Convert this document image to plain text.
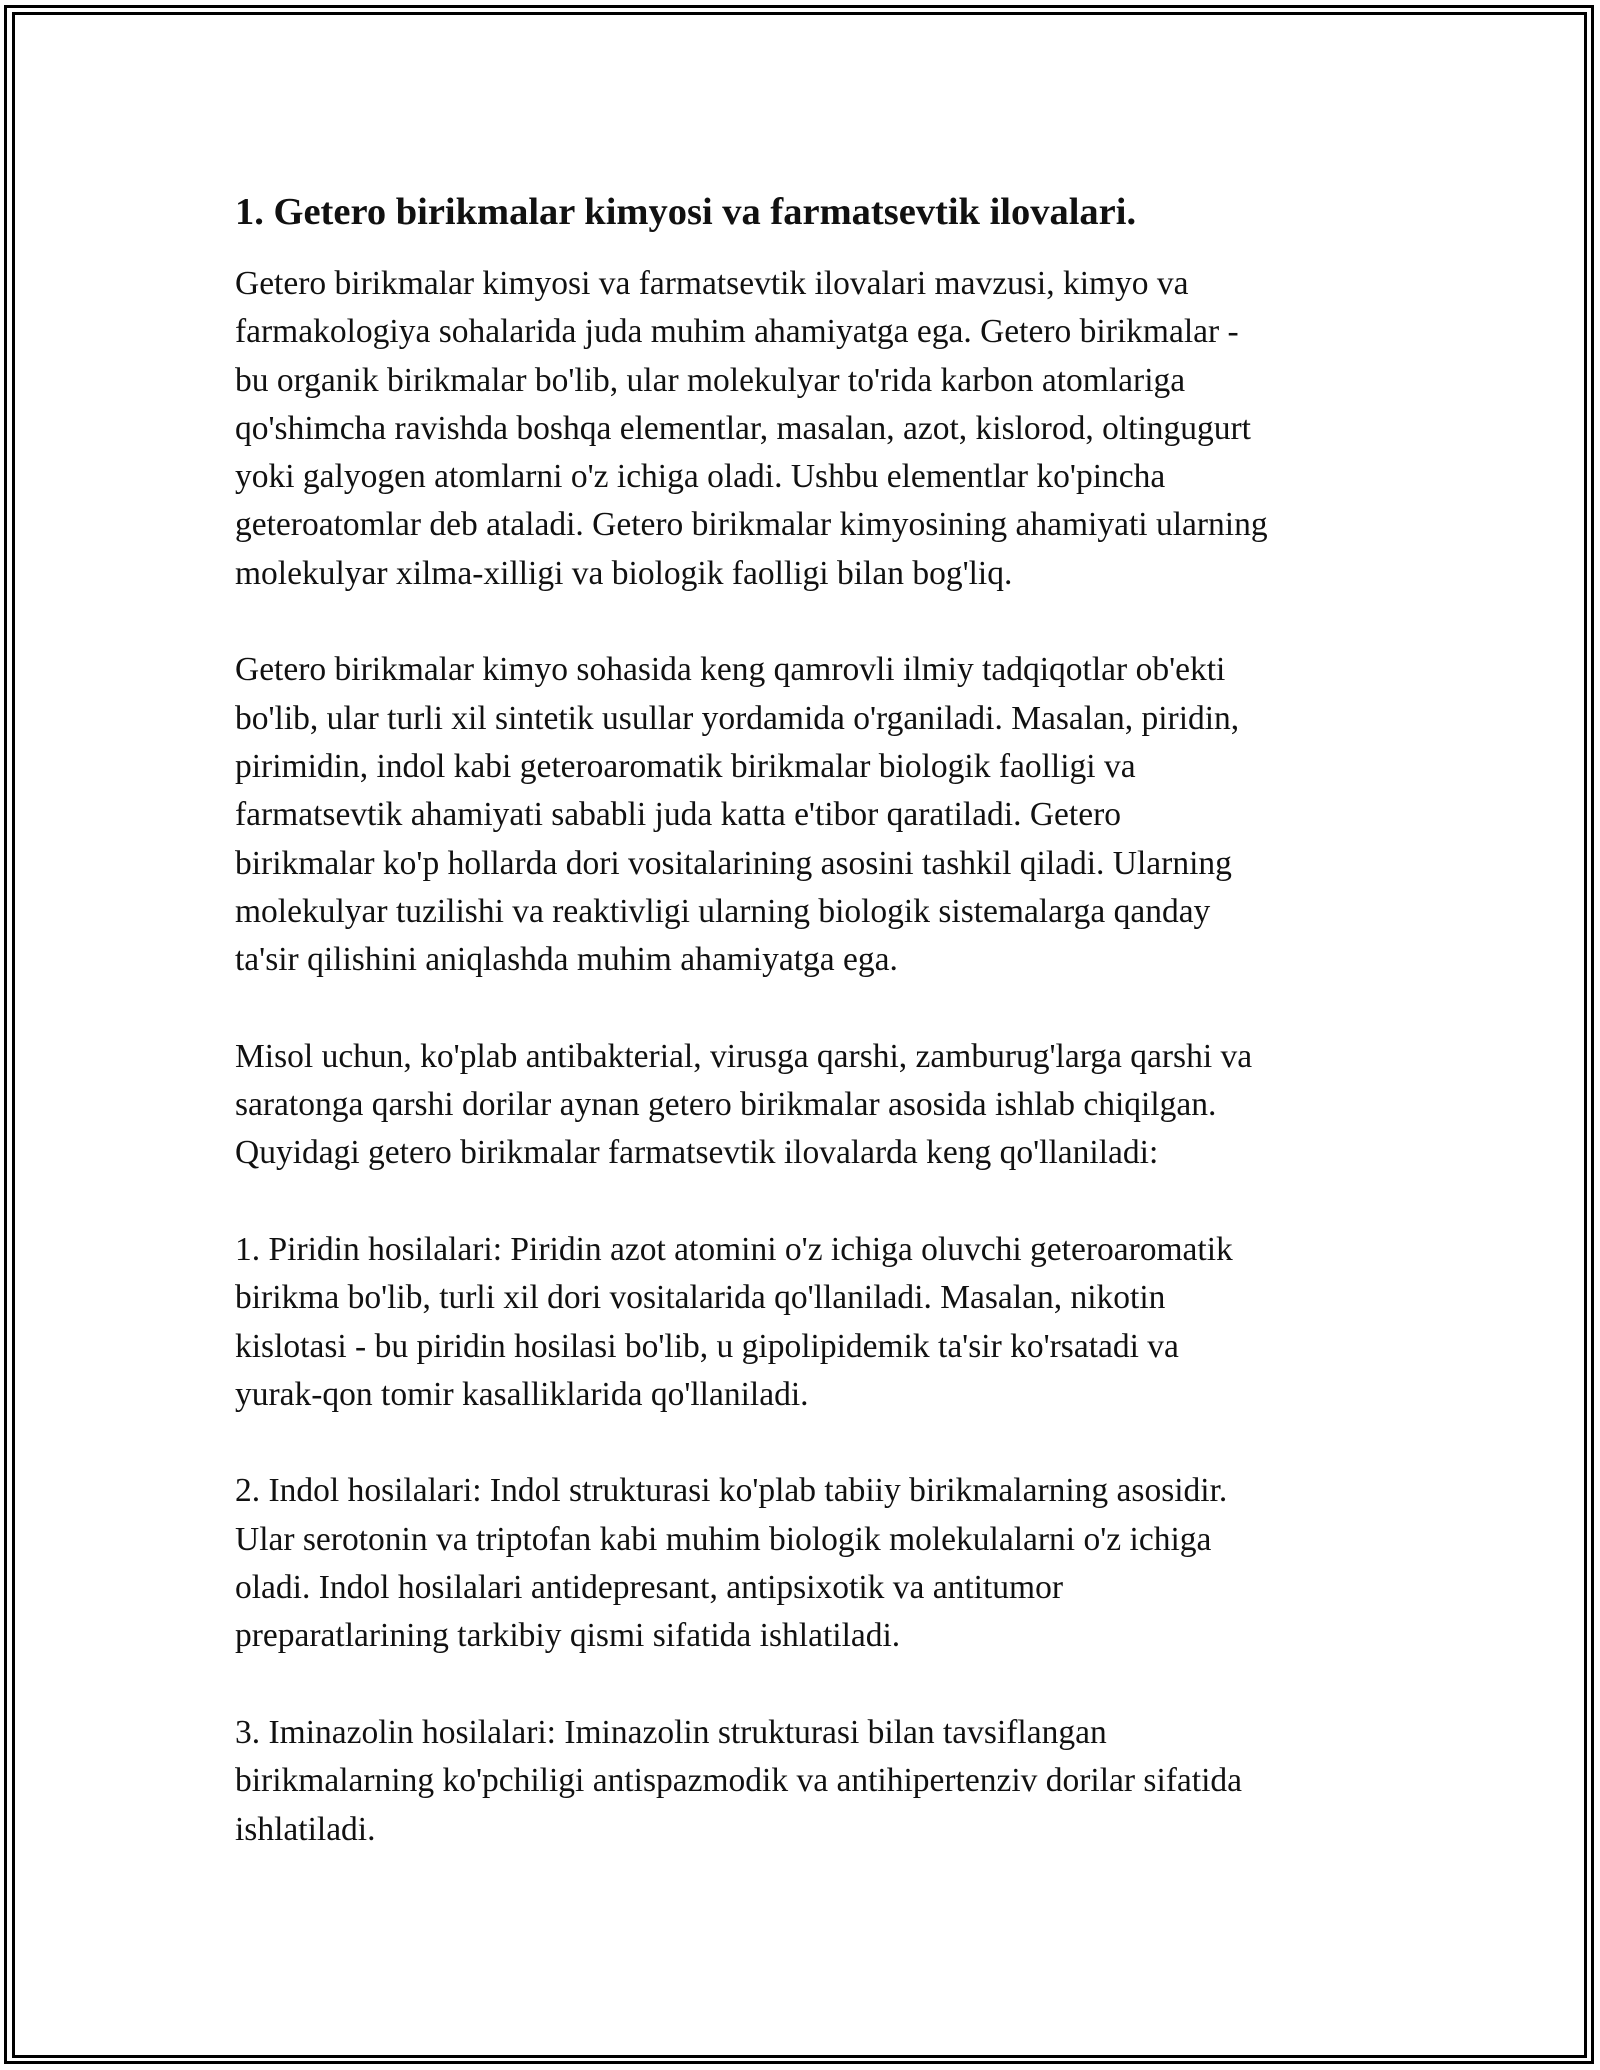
1. Getero birikmalar kimyosi va farmatsevtik ilovalari.

Getero birikmalar kimyosi va farmatsevtik ilovalari mavzusi, kimyo va
farmakologiya sohalarida juda muhim ahamiyatga ega. Getero birikmalar -
bu organik birikmalar bo'lib, ular molekulyar to'rida karbon atomlariga
qo'shimcha ravishda boshqa elementlar, masalan, azot, kislorod, oltingugurt
yoki galyogen atomlarni o'z ichiga oladi. Ushbu elementlar ko'pincha
geteroatomlar deb ataladi. Getero birikmalar kimyosining ahamiyati ularning
molekulyar xilma-xilligi va biologik faolligi bilan bog'liq.

Getero birikmalar kimyo sohasida keng qamrovli ilmiy tadqiqotlar ob'ekti
bo'lib, ular turli xil sintetik usullar yordamida o'rganiladi. Masalan, piridin,
pirimidin, indol kabi geteroaromatik birikmalar biologik faolligi va
farmatsevtik ahamiyati sababli juda katta e'tibor qaratiladi. Getero
birikmalar ko'p hollarda dori vositalarining asosini tashkil qiladi. Ularning
molekulyar tuzilishi va reaktivligi ularning biologik sistemalarga qanday
ta'sir qilishini aniqlashda muhim ahamiyatga ega.

Misol uchun, ko'plab antibakterial, virusga qarshi, zamburug'larga qarshi va
saratonga qarshi dorilar aynan getero birikmalar asosida ishlab chiqilgan.
Quyidagi getero birikmalar farmatsevtik ilovalarda keng qo'llaniladi:

1. Piridin hosilalari: Piridin azot atomini o'z ichiga oluvchi geteroaromatik
birikma bo'lib, turli xil dori vositalarida qo'llaniladi. Masalan, nikotin
kislotasi - bu piridin hosilasi bo'lib, u gipolipidemik ta'sir ko'rsatadi va
yurak-qon tomir kasalliklarida qo'llaniladi.

2. Indol hosilalari: Indol strukturasi ko'plab tabiiy birikmalarning asosidir.
Ular serotonin va triptofan kabi muhim biologik molekulalarni o'z ichiga
oladi. Indol hosilalari antidepresant, antipsixotik va antitumor
preparatlarining tarkibiy qismi sifatida ishlatiladi.

3. Iminazolin hosilalari: Iminazolin strukturasi bilan tavsiflangan
birikmalarning ko'pchiligi antispazmodik va antihipertenziv dorilar sifatida
ishlatiladi.
